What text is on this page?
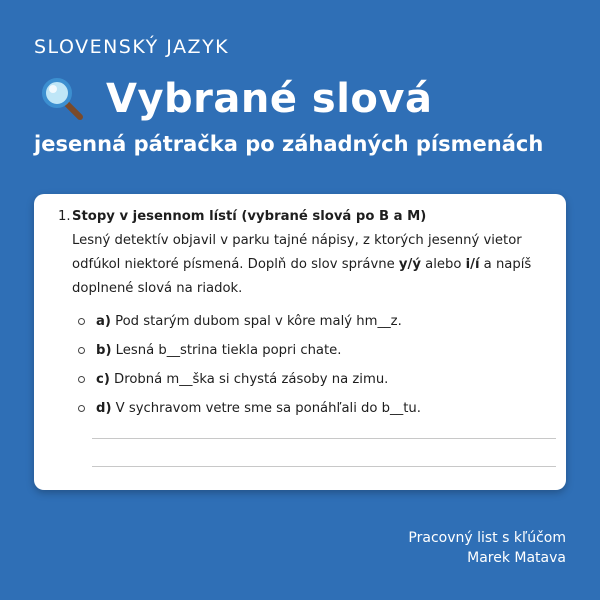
SLOVENSKÝ JAZYK
Vybrané slová
jesenná pátračka po záhadných písmenách
1. Stopy v jesennom lístí (vybrané slová po B a M)

Lesný detektív objavil v parku tajné nápisy, z ktorých jesenný vietor odfúkol niektoré písmená. Doplň do slov správne y/ý alebo i/í a napíš doplnené slová na riadok.

a) Pod starým dubom spal v kôre malý hm__z.
b) Lesná b__strina tiekla popri chate.
c) Drobná m__ška si chystá zásoby na zimu.
d) V sychravom vetre sme sa ponáhľali do b__tu.
Pracovný list s kľúčom
Marek Matava
